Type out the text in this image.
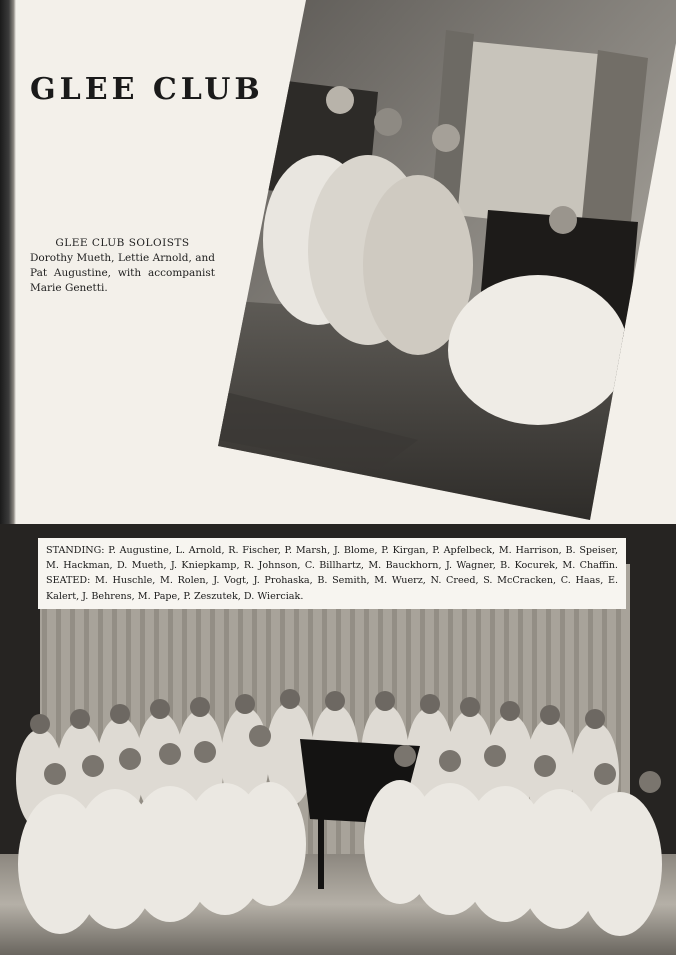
GLEE CLUB
GLEE CLUB SOLOISTS
Dorothy Mueth, Lettie Arnold, and Pat Augustine, with accompanist Marie Genetti.
STANDING: P. Augustine, L. Arnold, R. Fischer, P. Marsh, J. Blome, P. Kirgan, P. Apfelbeck, M. Harrison, B. Speiser, M. Hackman, D. Mueth, J. Kniepkamp, R. Johnson, C. Billhartz, M. Bauckhorn, J. Wagner, B. Kocurek, M. Chaffin. SEATED: M. Huschle, M. Rolen, J. Vogt, J. Prohaska, B. Semith, M. Wuerz, N. Creed, S. McCracken, C. Haas, E. Kalert, J. Behrens, M. Pape, P. Zeszutek, D. Wierciak.
